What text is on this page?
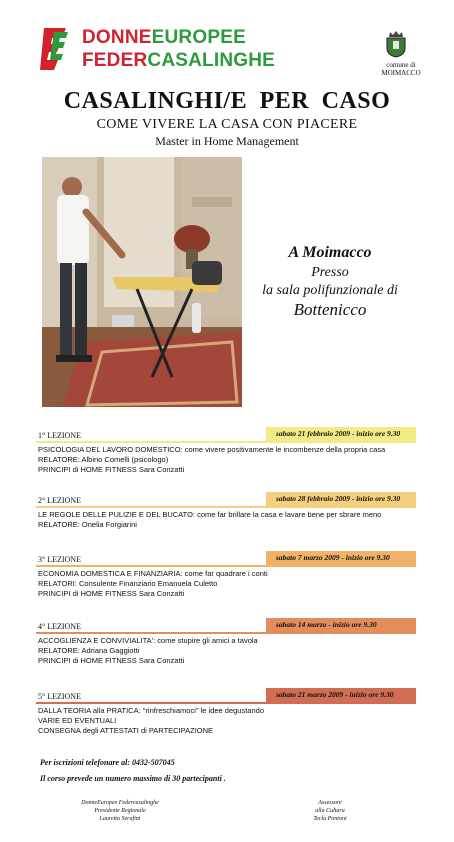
DONNEEUROPEE
FEDERCASALINGHE	comune di
MOIMACCO
CASALINGHI/E PER CASO
COME VIVERE LA CASA CON PIACERE
Master in Home Management
A Moimacco
Presso
la sala polifunzionale di
Bottenicco
1° LEZIONE	sabato 21 febbraio 2009 - inizio ore 9.30
PSICOLOGIA DEL LAVORO DOMESTICO: come vivere positivamente le incombenze della propria casa
RELATORE: Albino Comelli (psicologo)
PRINCIPI di HOME FITNESS Sara Conzatti
2° LEZIONE	sabato 28 febbraio 2009 - inizio ore 9.30
LE REGOLE DELLE PULIZIE E DEL BUCATO: come far brillare la casa e lavare bene per sbrare meno
RELATORE: Onelia Forgiarini
3° LEZIONE	sabato 7 marzo 2009 - inizio ore 9.30
ECONOMIA DOMESTICA E FINANZIARIA: come far quadrare i conti
RELATORI: Consulente Finanziario Emanuela Culetto
PRINCIPI di HOME FITNESS Sara Conzatti
4° LEZIONE	sabato 14 marzo - inizio ore 9.30
ACCOGLIENZA E CONVIVIALITA': come stupire gli amici a tavola
RELATORE: Adriana Gaggiotti
PRINCIPI di HOME FITNESS Sara Conzatti
5° LEZIONE	sabato 21 marzo 2009 - inizio ore 9.30
DALLA TEORIA alla PRATICA: "rinfreschiamoci" le idee degustando
VARIE ED EVENTUALI
CONSEGNA degli ATTESTATI di PARTECIPAZIONE
Per iscrizioni telefonare al: 0432-507045
Il corso prevede un numero massimo di 30 partecipanti .
DonneEuropee Federcasalinghe
Presidente Regionale
Lauretta Serafini
Assessore
alla Cultura
Tecla Pontoni
